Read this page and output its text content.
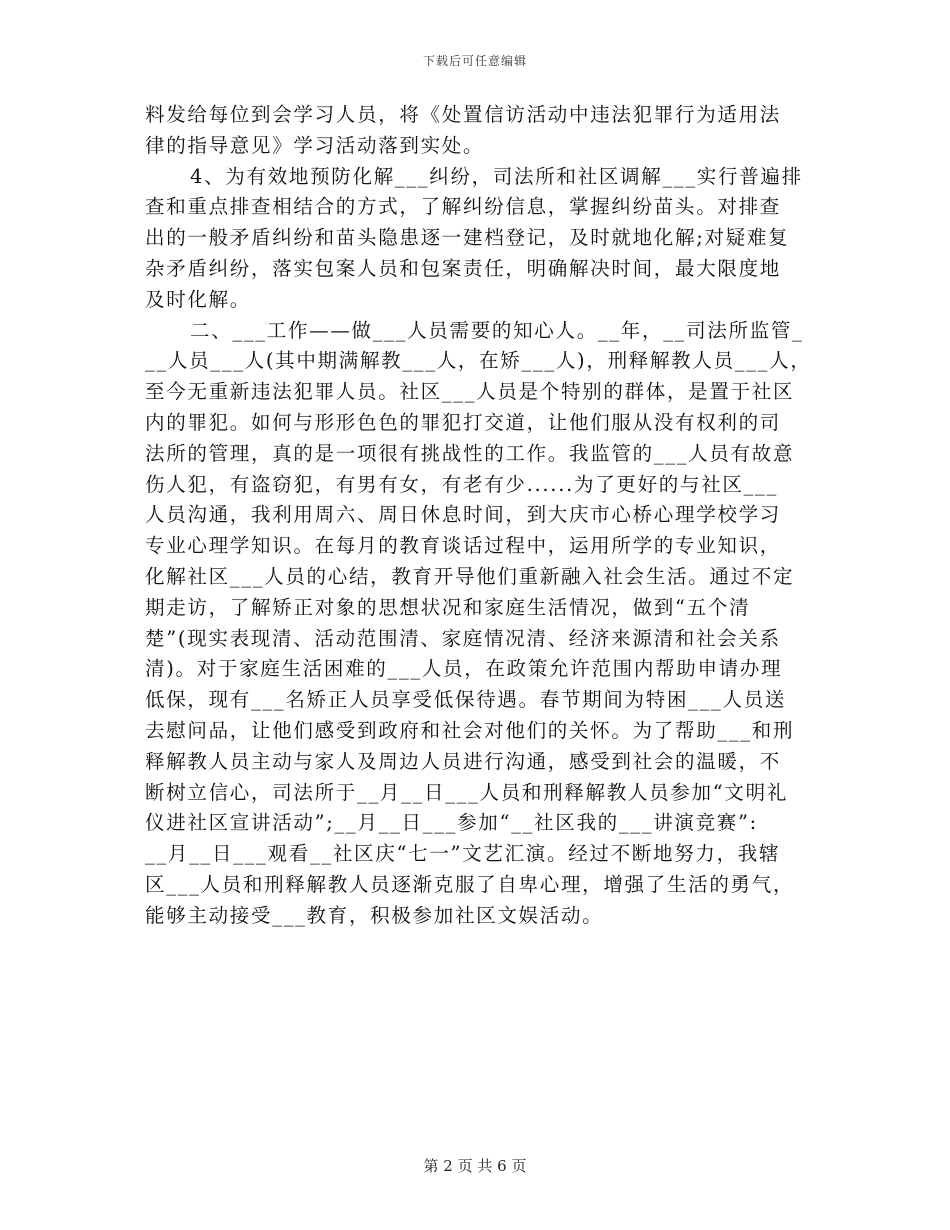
下载后可任意编辑
料发给每位到会学习人员，将《处置信访活动中违法犯罪行为适用法
律的指导意见》学习活动落到实处。
4、为有效地预防化解___纠纷，司法所和社区调解___实行普遍排
查和重点排查相结合的方式，了解纠纷信息，掌握纠纷苗头。对排查
出的一般矛盾纠纷和苗头隐患逐一建档登记，及时就地化解;对疑难复
杂矛盾纠纷，落实包案人员和包案责任，明确解决时间，最大限度地
及时化解。
二、___工作——做___人员需要的知心人。__年，__司法所监管_
__人员___人(其中期满解教___人，在矫___人)，刑释解教人员___人，
至今无重新违法犯罪人员。社区___人员是个特别的群体，是置于社区
内的罪犯。如何与形形色色的罪犯打交道，让他们服从没有权利的司
法所的管理，真的是一项很有挑战性的工作。我监管的___人员有故意
伤人犯，有盗窃犯，有男有女，有老有少......为了更好的与社区___
人员沟通，我利用周六、周日休息时间，到大庆市心桥心理学校学习
专业心理学知识。在每月的教育谈话过程中，运用所学的专业知识，
化解社区___人员的心结，教育开导他们重新融入社会生活。通过不定
期走访，了解矫正对象的思想状况和家庭生活情况，做到“五个清
楚”(现实表现清、活动范围清、家庭情况清、经济来源清和社会关系
清)。对于家庭生活困难的___人员，在政策允许范围内帮助申请办理
低保，现有___名矫正人员享受低保待遇。春节期间为特困___人员送
去慰问品，让他们感受到政府和社会对他们的关怀。为了帮助___和刑
释解教人员主动与家人及周边人员进行沟通，感受到社会的温暖，不
断树立信心，司法所于__月__日___人员和刑释解教人员参加“文明礼
仪进社区宣讲活动”;__月__日___参加“__社区我的___讲演竞赛”:
__月__日___观看__社区庆“七一”文艺汇演。经过不断地努力，我辖
区___人员和刑释解教人员逐渐克服了自卑心理，增强了生活的勇气，
能够主动接受___教育，积极参加社区文娱活动。
第 2 页 共 6 页
